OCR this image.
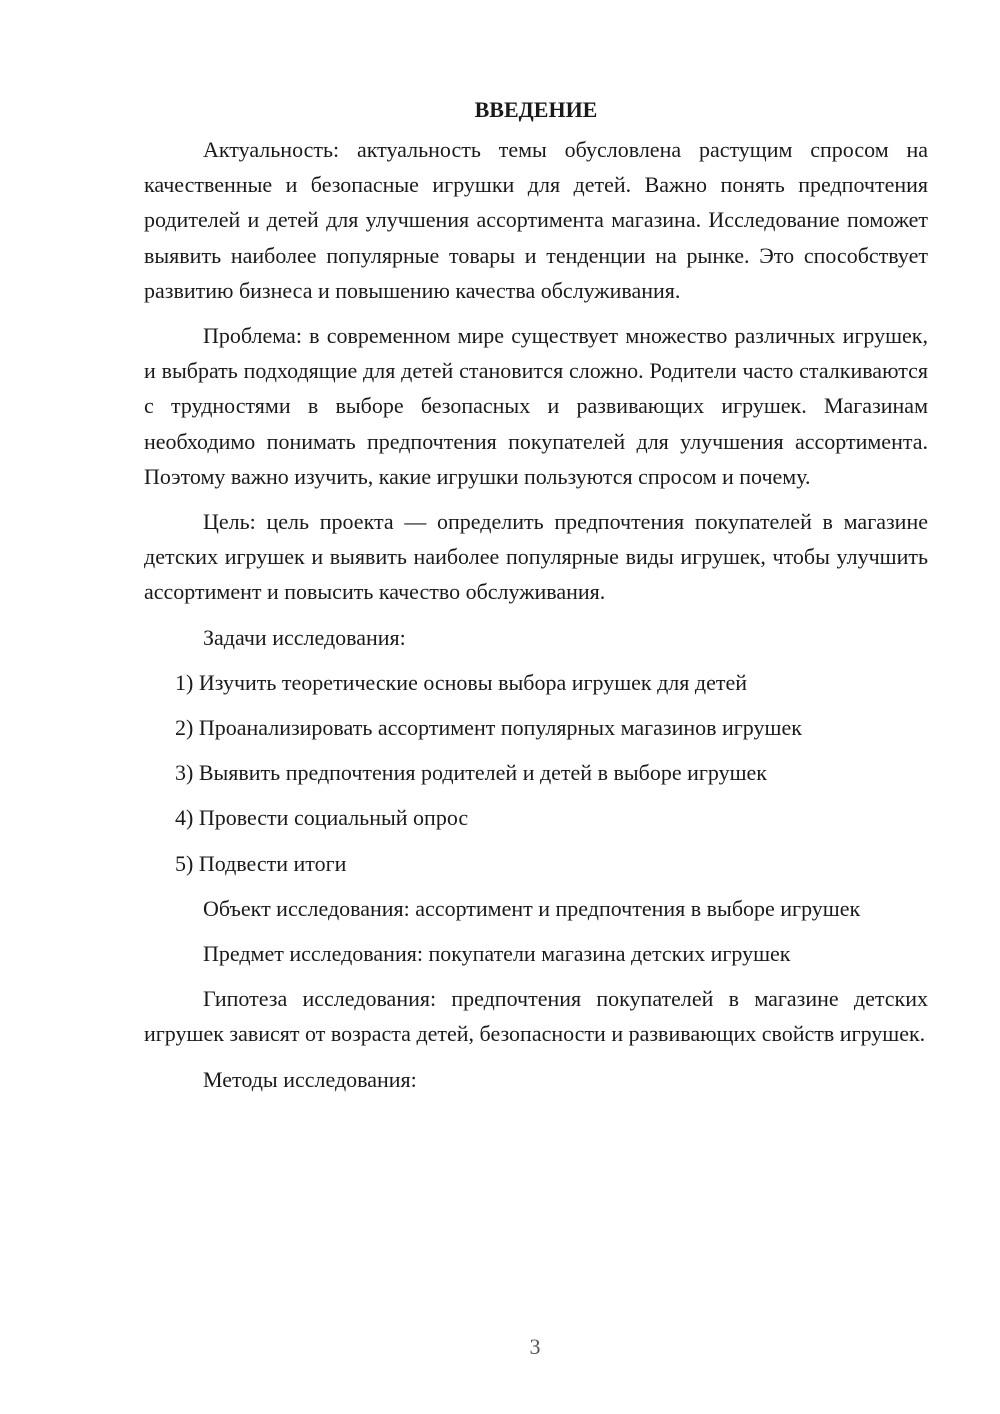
ВВЕДЕНИЕ

Актуальность: актуальность темы обусловлена растущим спросом на качественные и безопасные игрушки для детей. Важно понять предпочтения родителей и детей для улучшения ассортимента магазина. Исследование поможет выявить наиболее популярные товары и тенденции на рынке. Это способствует развитию бизнеса и повышению качества обслуживания.

Проблема: в современном мире существует множество различных игрушек, и выбрать подходящие для детей становится сложно. Родители часто сталкиваются с трудностями в выборе безопасных и развивающих игрушек. Магазинам необходимо понимать предпочтения покупателей для улучшения ассортимента. Поэтому важно изучить, какие игрушки пользуются спросом и почему.

Цель: цель проекта — определить предпочтения покупателей в магазине детских игрушек и выявить наиболее популярные виды игрушек, чтобы улучшить ассортимент и повысить качество обслуживания.

Задачи исследования:

1) Изучить теоретические основы выбора игрушек для детей
2) Проанализировать ассортимент популярных магазинов игрушек
3) Выявить предпочтения родителей и детей в выборе игрушек
4) Провести социальный опрос
5) Подвести итоги

Объект исследования: ассортимент и предпочтения в выборе игрушек

Предмет исследования: покупатели магазина детских игрушек

Гипотеза исследования: предпочтения покупателей в магазине детских игрушек зависят от возраста детей, безопасности и развивающих свойств игрушек.

Методы исследования:

3
